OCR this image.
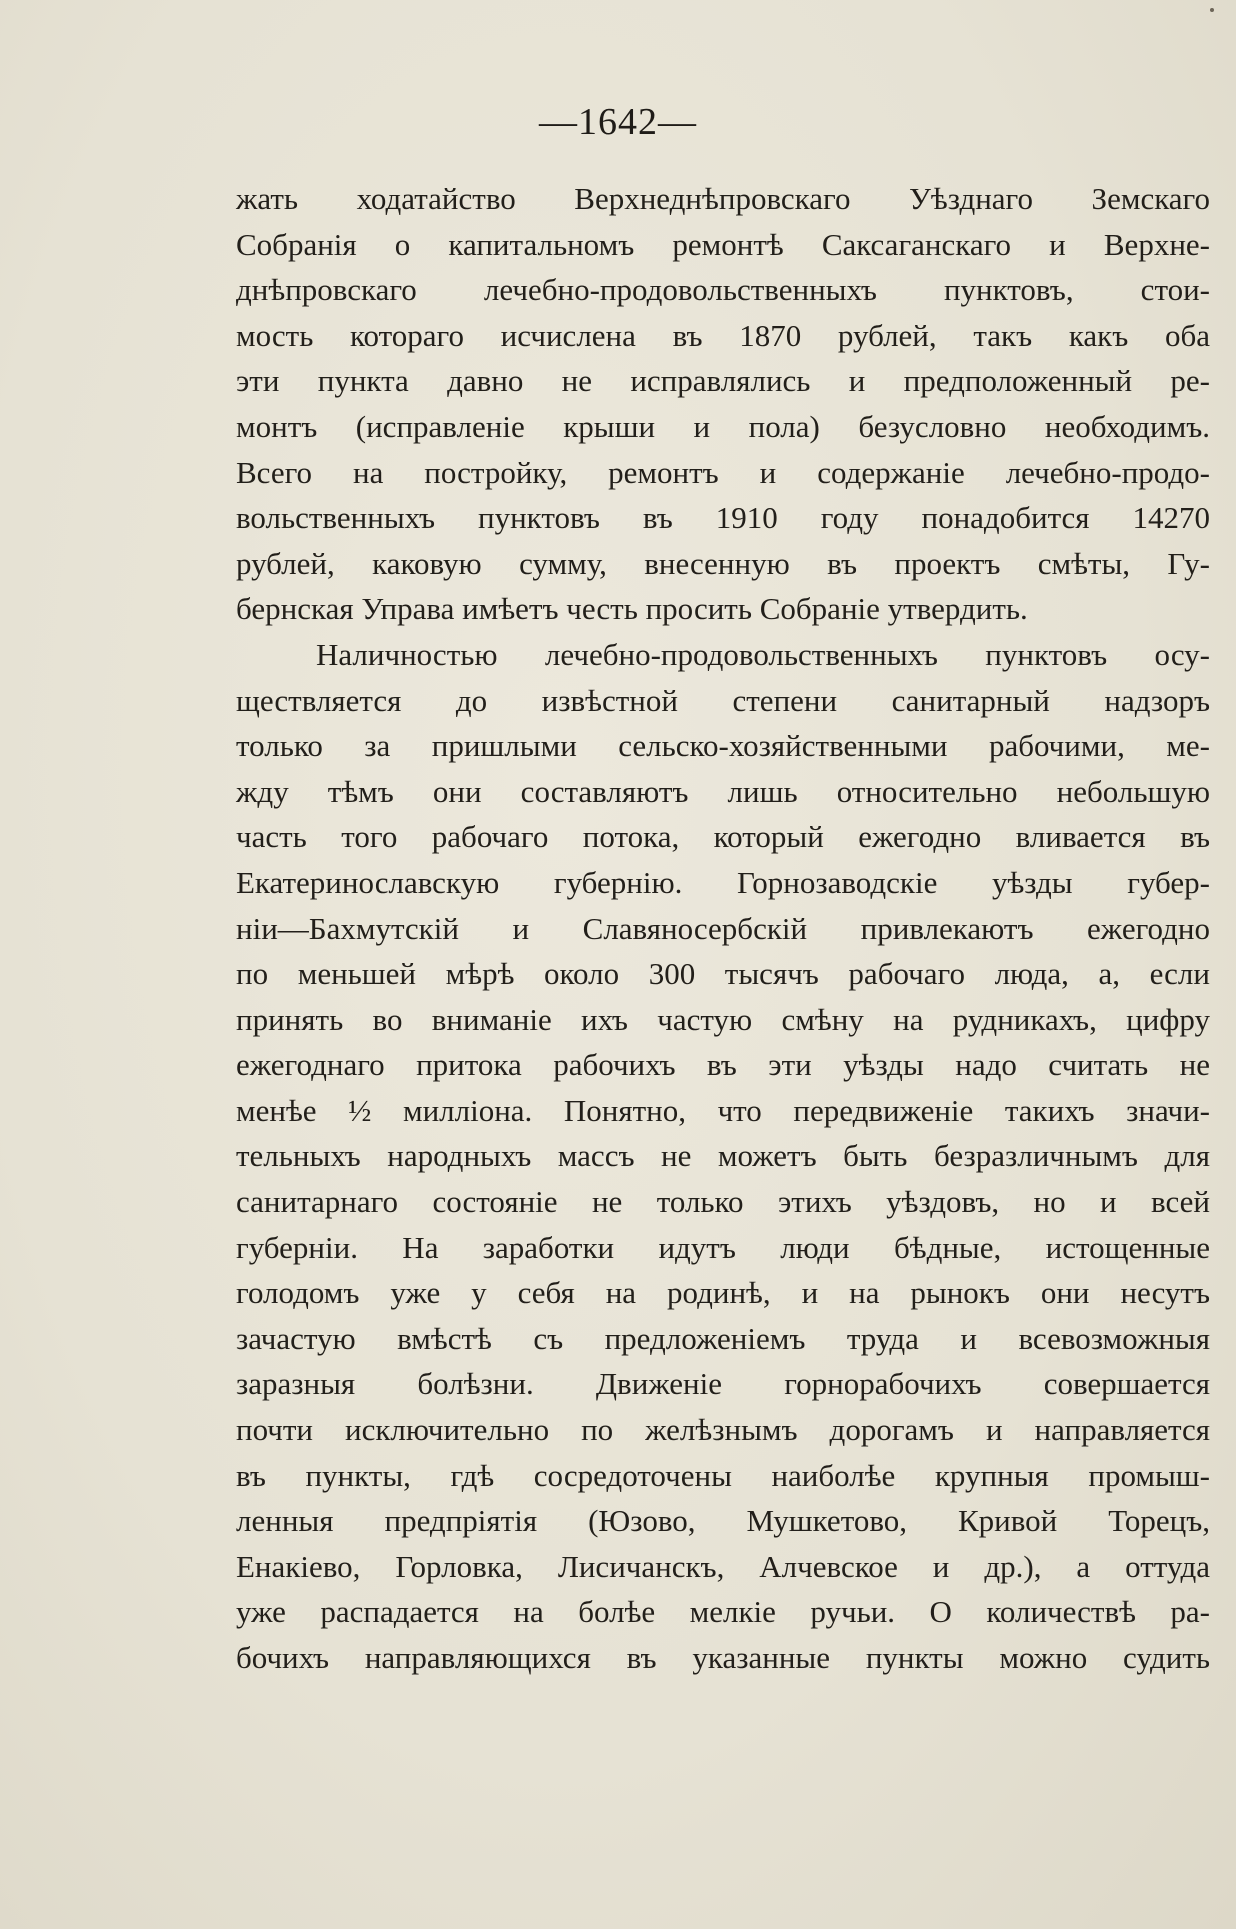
—1642—
жать ходатайство Верхнеднѣпровскаго Уѣзднаго Земскаго
Собранія о капитальномъ ремонтѣ Саксаганскаго и Верхне-
днѣпровскаго лечебно-продовольственныхъ пунктовъ, стои-
мость котораго исчислена въ 1870 рублей, такъ какъ оба
эти пункта давно не исправлялись и предположенный ре-
монтъ (исправленіе крыши и пола) безусловно необходимъ.
Всего на постройку, ремонтъ и содержаніе лечебно-продо-
вольственныхъ пунктовъ въ 1910 году понадобится 14270
рублей, каковую сумму, внесенную въ проектъ смѣты, Гу-
бернская Управа имѣетъ честь просить Собраніе утвердить.
Наличностью лечебно-продовольственныхъ пунктовъ осу-
ществляется до извѣстной степени санитарный надзоръ
только за пришлыми сельско-хозяйственными рабочими, ме-
жду тѣмъ они составляютъ лишь относительно небольшую
часть того рабочаго потока, который ежегодно вливается въ
Екатеринославскую губернію. Горнозаводскіе уѣзды губер-
ніи—Бахмутскій и Славяносербскій привлекаютъ ежегодно
по меньшей мѣрѣ около 300 тысячъ рабочаго люда, а, если
принять во вниманіе ихъ частую смѣну на рудникахъ, цифру
ежегоднаго притока рабочихъ въ эти уѣзды надо считать не
менѣе ½ милліона. Понятно, что передвиженіе такихъ значи-
тельныхъ народныхъ массъ не можетъ быть безразличнымъ для
санитарнаго состояніе не только этихъ уѣздовъ, но и всей
губерніи. На заработки идутъ люди бѣдные, истощенные
голодомъ уже у себя на родинѣ, и на рынокъ они несутъ
зачастую вмѣстѣ съ предложеніемъ труда и всевозможныя
заразныя болѣзни. Движеніе горнорабочихъ совершается
почти исключительно по желѣзнымъ дорогамъ и направляется
въ пункты, гдѣ сосредоточены наиболѣе крупныя промыш-
ленныя предпріятія (Юзово, Мушкетово, Кривой Торецъ,
Енакіево, Горловка, Лисичанскъ, Алчевское и др.), а оттуда
уже распадается на болѣе мелкіе ручьи. О количествѣ ра-
бочихъ направляющихся въ указанные пункты можно судить
